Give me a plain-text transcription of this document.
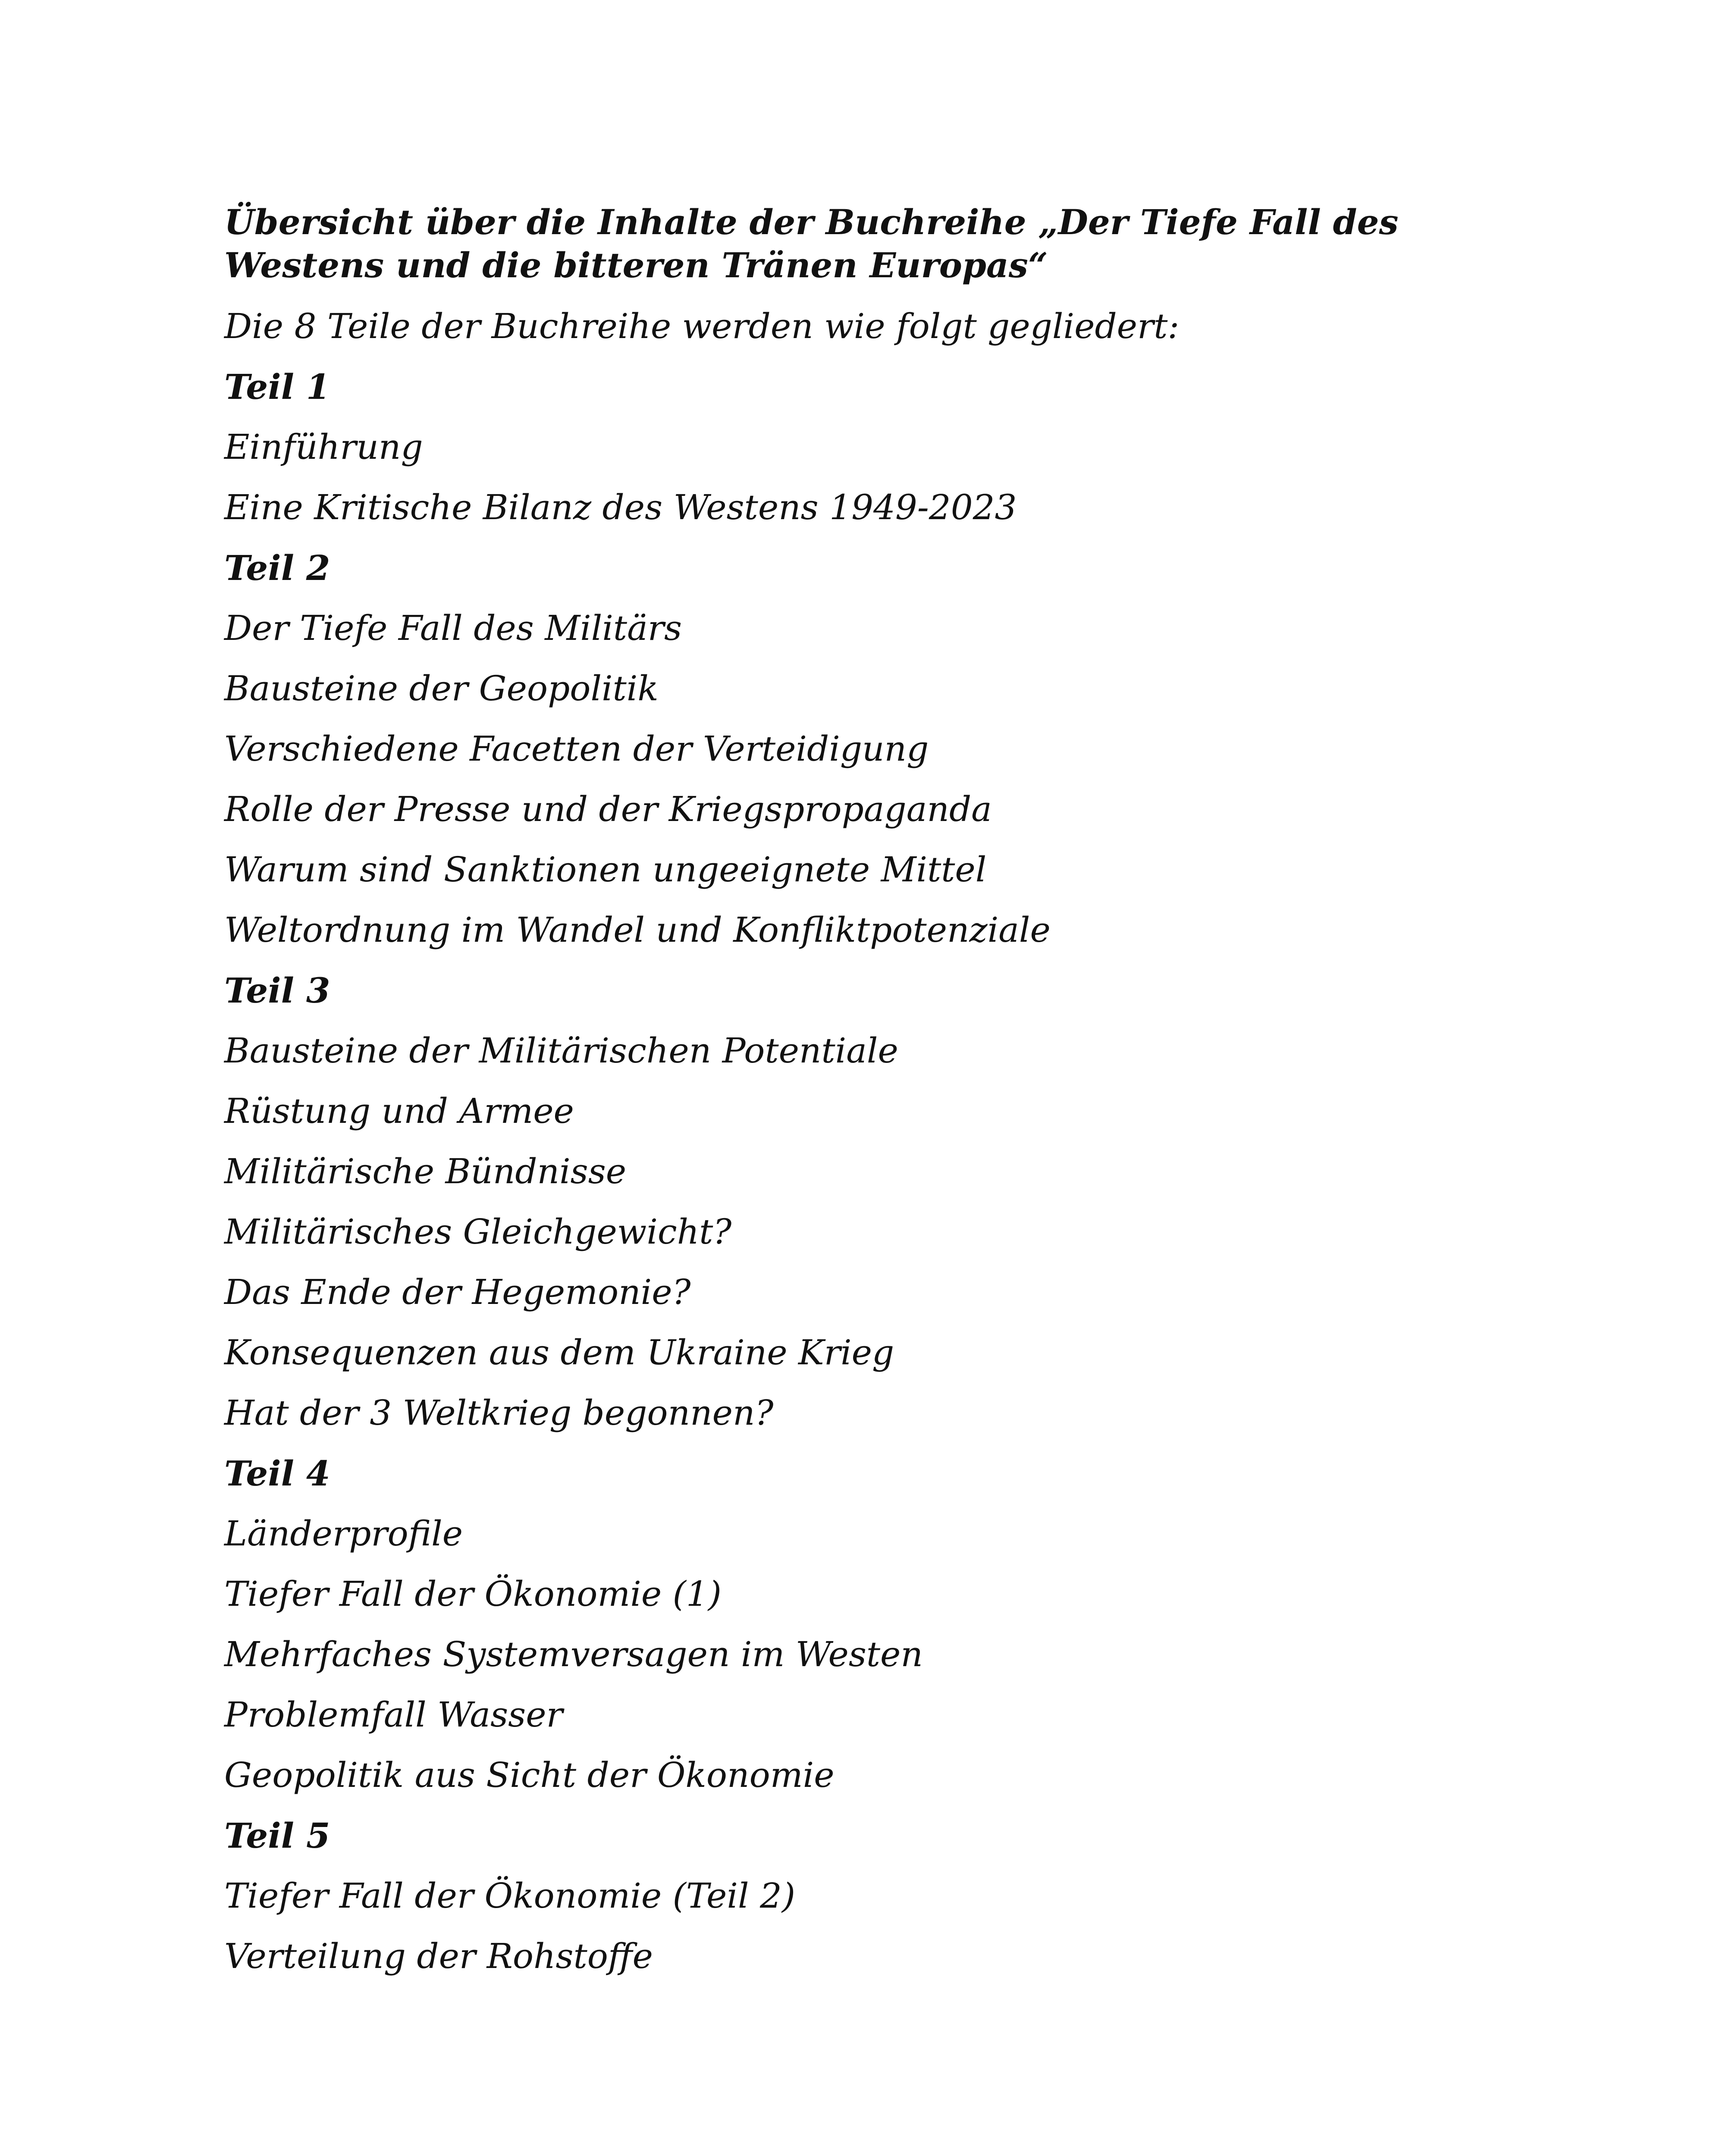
Übersicht über die Inhalte der Buchreihe „Der Tiefe Fall des Westens und die bitteren Tränen Europas“
Die 8 Teile der Buchreihe werden wie folgt gegliedert:
Teil 1
Einführung
Eine Kritische Bilanz des Westens 1949-2023
Teil 2
Der Tiefe Fall des Militärs
Bausteine der Geopolitik
Verschiedene Facetten der Verteidigung
Rolle der Presse und der Kriegspropaganda
Warum sind Sanktionen ungeeignete Mittel
Weltordnung im Wandel und Konfliktpotenziale
Teil 3
Bausteine der Militärischen Potentiale
Rüstung und Armee
Militärische Bündnisse
Militärisches Gleichgewicht?
Das Ende der Hegemonie?
Konsequenzen aus dem Ukraine Krieg
Hat der 3 Weltkrieg begonnen?
Teil 4
Länderprofile
Tiefer Fall der Ökonomie (1)
Mehrfaches Systemversagen im Westen
Problemfall Wasser
Geopolitik aus Sicht der Ökonomie
Teil 5
Tiefer Fall der Ökonomie (Teil 2)
Verteilung der Rohstoffe
